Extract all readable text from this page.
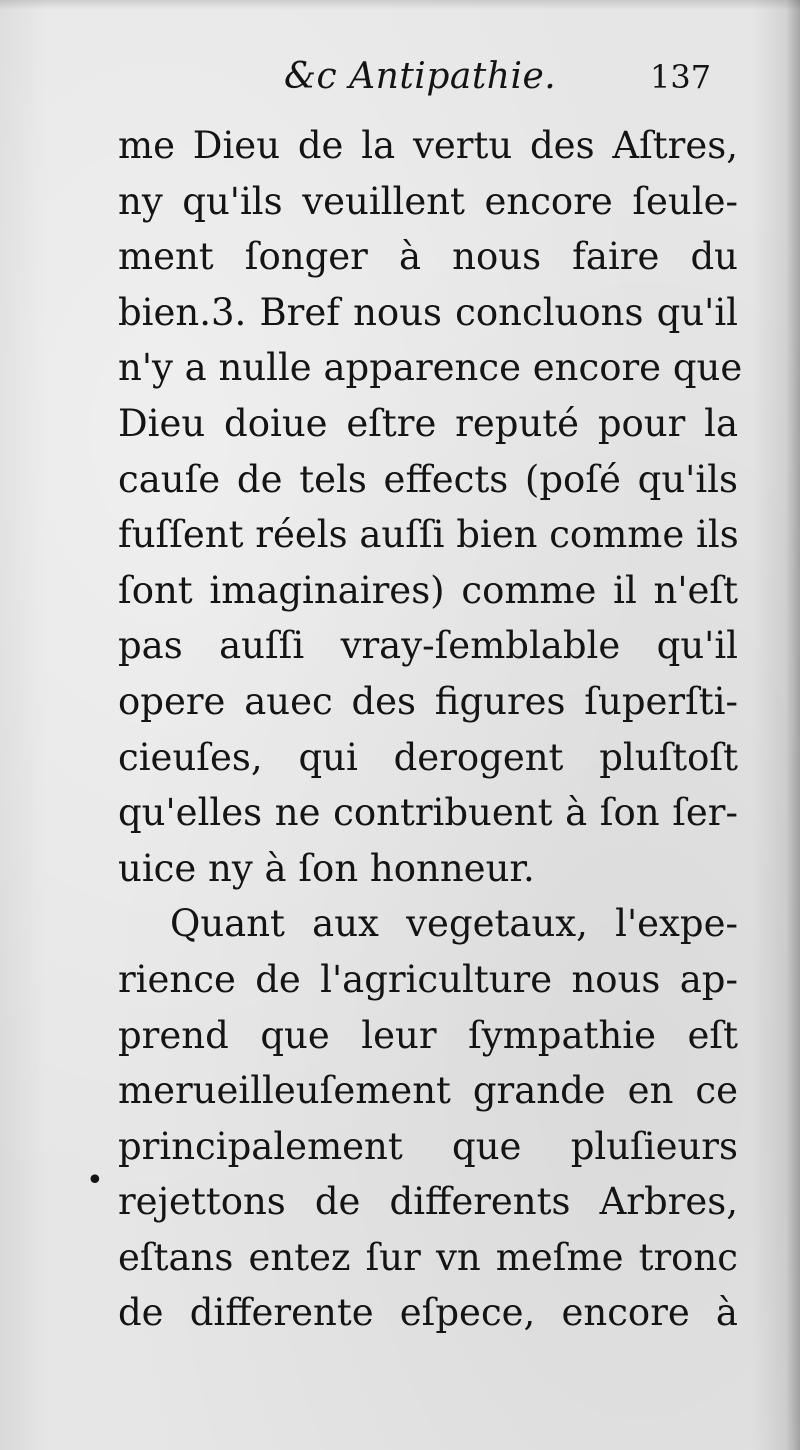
&c Antipathie.	137
me Dieu de la vertu des Aſtres,
ny qu'ils veuillent encore ſeule-
ment ſonger à nous faire du
bien.3. Bref nous concluons qu'il
n'y a nulle apparence encore que
Dieu doiue eſtre reputé pour la
cauſe de tels effects (poſé qu'ils
fuſſent réels auſſi bien comme ils
ſont imaginaires) comme il n'eſt
pas auſſi vray-ſemblable qu'il
opere auec des figures ſuperſti-
cieuſes, qui derogent pluſtoſt
qu'elles ne contribuent à ſon ſer-
uice ny à ſon honneur.
Quant aux vegetaux, l'expe-
rience de l'agriculture nous ap-
prend que leur ſympathie eſt
merueilleuſement grande en ce
principalement que pluſieurs
rejettons de differents Arbres,
eſtans entez ſur vn meſme tronc
de differente eſpece, encore à
•
